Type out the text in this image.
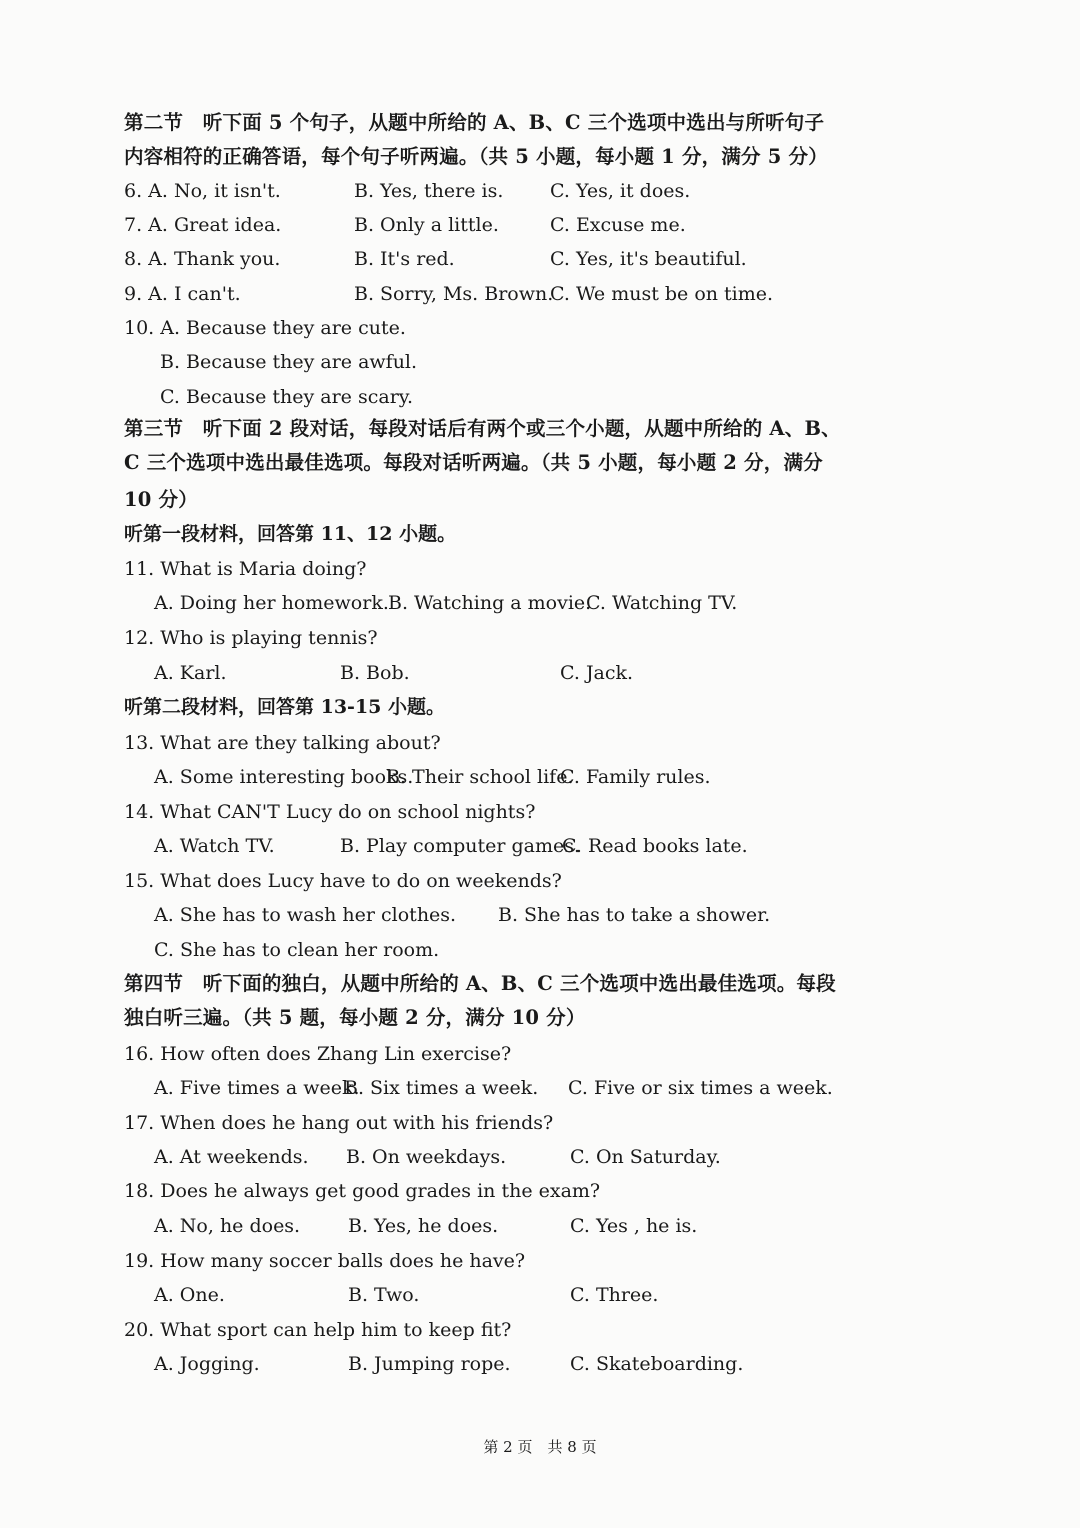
第二节　听下面 5 个句子，从题中所给的 A、B、C 三个选项中选出与所听句子
内容相符的正确答语，每个句子听两遍。（共 5 小题，每小题 1 分，满分 5 分）
6. A. No, it isn't.	B. Yes, there is. C. Yes, it does.
7. A. Great idea.	B. Only a little.	C. Excuse me.
8. A. Thank you.	B. It's red.	C. Yes, it's beautiful.
9. A. I can't.	B. Sorry, Ms. Brown.
C. We must be on time.
10. A. Because they are cute.
B. Because they are awful.
C. Because they are scary.
第三节　听下面 2 段对话，每段对话后有两个或三个小题，从题中所给的 A、B、
C 三个选项中选出最佳选项。每段对话听两遍。（共 5 小题，每小题 2 分，满分
10 分）
听第一段材料，回答第 11、12 小题。
11. What is Maria doing?
A. Doing her homework. B. Watching a movie.
C. Watching TV.
12. Who is playing tennis?
A. Karl.	B. Bob.	C. Jack.
听第二段材料，回答第 13-15 小题。
13. What are they talking about?
A. Some interesting books.
B. Their school life.
C. Family rules.
14. What CAN'T Lucy do on school nights?
A. Watch TV.	B. Play computer games.
C. Read books late.
15. What does Lucy have to do on weekends?
A. She has to wash her clothes. B. She has to take a shower.
C. She has to clean her room.
第四节　听下面的独白，从题中所给的 A、B、C 三个选项中选出最佳选项。每段
独白听三遍。（共 5 题，每小题 2 分，满分 10 分）
16. How often does Zhang Lin exercise?
A. Five times a week.
B. Six times a week. C. Five or six times a week.
17. When does he hang out with his friends?
A. At weekends. B. On weekdays.	C. On Saturday.
18. Does he always get good grades in the exam?
A. No, he does.	B. Yes, he does.	C. Yes , he is.
19. How many soccer balls does he have?
A. One.	B. Two.	C. Three.
20. What sport can help him to keep fit?
A. Jogging.	B. Jumping rope.	C. Skateboarding.
第 2 页　共 8 页
